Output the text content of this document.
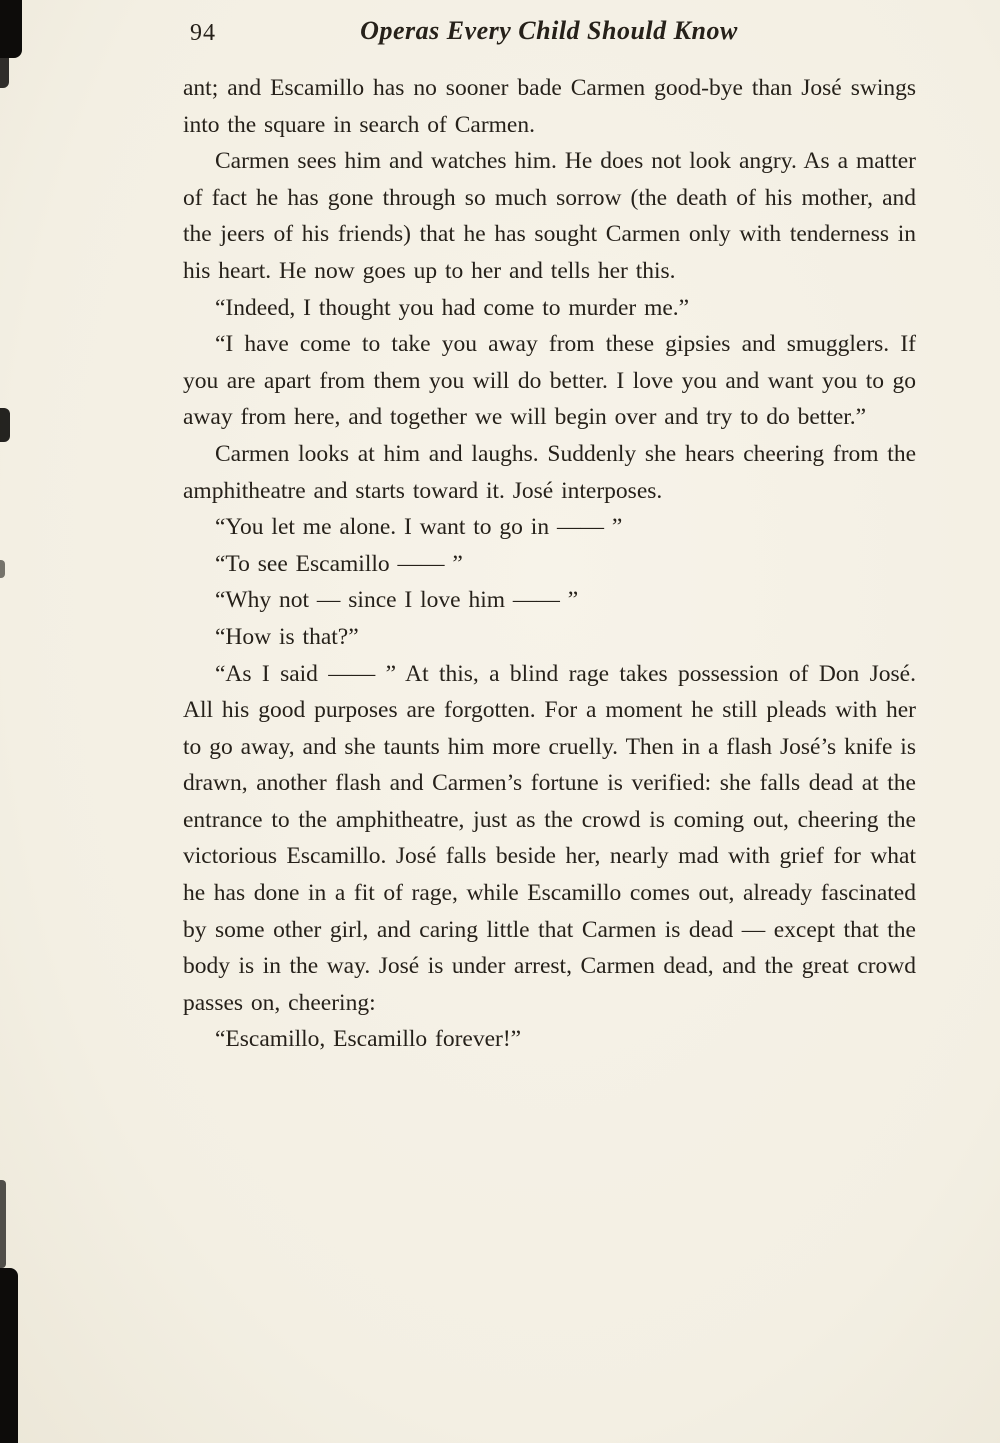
94	Operas Every Child Should Know

ant; and Escamillo has no sooner bade Carmen good-bye than José swings into the square in search of Carmen.

Carmen sees him and watches him. He does not look angry. As a matter of fact he has gone through so much sorrow (the death of his mother, and the jeers of his friends) that he has sought Carmen only with tenderness in his heart. He now goes up to her and tells her this.

“Indeed, I thought you had come to murder me.”

“I have come to take you away from these gipsies and smugglers. If you are apart from them you will do better. I love you and want you to go away from here, and together we will begin over and try to do better.”

Carmen looks at him and laughs. Suddenly she hears cheering from the amphitheatre and starts toward it. José interposes.

“You let me alone. I want to go in —— ”

“To see Escamillo —— ”

“Why not — since I love him —— ”

“How is that?”

“As I said —— ” At this, a blind rage takes possession of Don José. All his good purposes are forgotten. For a moment he still pleads with her to go away, and she taunts him more cruelly. Then in a flash José’s knife is drawn, another flash and Carmen’s fortune is verified: she falls dead at the entrance to the amphitheatre, just as the crowd is coming out, cheering the victorious Escamillo. José falls beside her, nearly mad with grief for what he has done in a fit of rage, while Escamillo comes out, already fascinated by some other girl, and caring little that Carmen is dead — except that the body is in the way. José is under arrest, Carmen dead, and the great crowd passes on, cheering:

“Escamillo, Escamillo forever!”
